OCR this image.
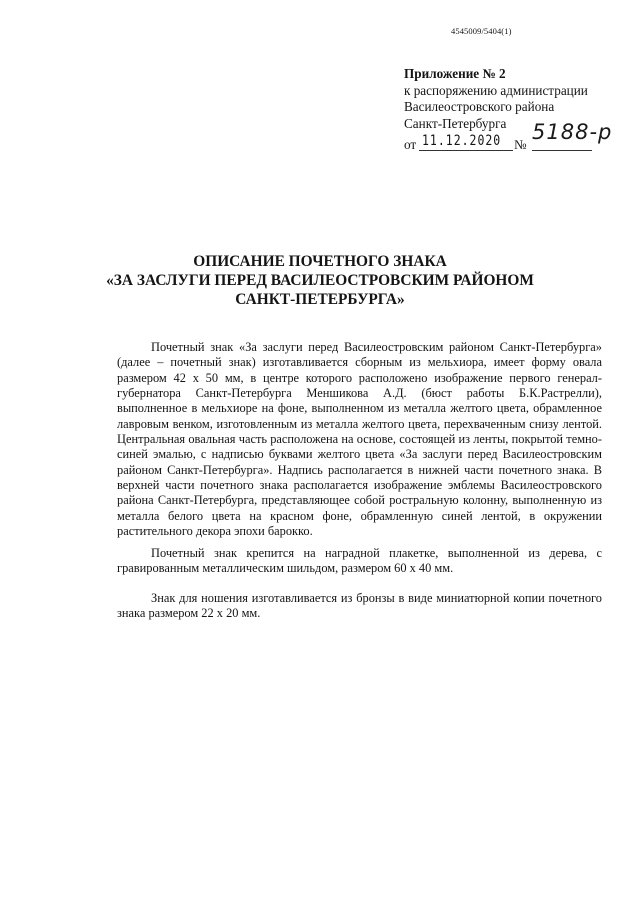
4545009/5404(1)
Приложение № 2
к распоряжению администрации
Василеостровского района
Санкт-Петербурга
от 11.12.2020 №
5188-р
ОПИСАНИЕ ПОЧЕТНОГО ЗНАКА
«ЗА ЗАСЛУГИ ПЕРЕД ВАСИЛЕОСТРОВСКИМ РАЙОНОМ
САНКТ-ПЕТЕРБУРГА»

Почетный знак «За заслуги перед Василеостровским районом Санкт-Петербурга» (далее – почетный знак) изготавливается сборным из мельхиора, имеет форму овала размером 42 х 50 мм, в центре которого расположено изображение первого генерал-губернатора Санкт-Петербурга Меншикова А.Д. (бюст работы Б.К.Растрелли), выполненное в мельхиоре на фоне, выполненном из металла желтого цвета, обрамленное лавровым венком, изготовленным из металла желтого цвета, перехваченным снизу лентой. Центральная овальная часть расположена на основе, состоящей из ленты, покрытой темно-синей эмалью, с надписью буквами желтого цвета «За заслуги перед Василеостровским районом Санкт-Петербурга». Надпись располагается в нижней части почетного знака. В верхней части почетного знака располагается изображение эмблемы Василеостровского района Санкт-Петербурга, представляющее собой ростральную колонну, выполненную из металла белого цвета на красном фоне, обрамленную синей лентой, в окружении растительного декора эпохи барокко.

Почетный знак крепится на наградной плакетке, выполненной из дерева, с гравированным металлическим шильдом, размером 60 х 40 мм.

Знак для ношения изготавливается из бронзы в виде миниатюрной копии почетного знака размером 22 х 20 мм.
